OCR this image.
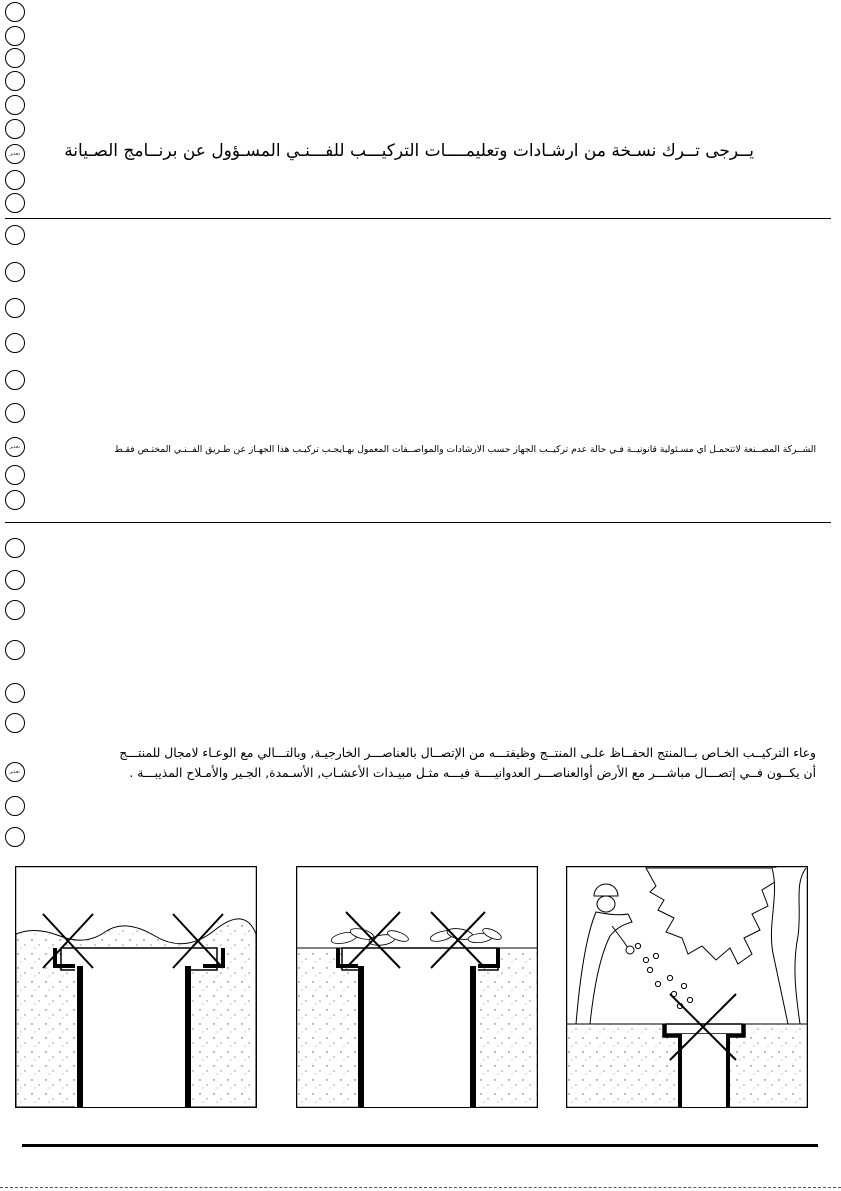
تحذير	يــرجى تــرك نسـخة من ارشـادات وتعليمــــات التركيـــب للفـــنـي المسـؤول عن برنــامج الصـيانة
تحذير	الشــركة المصــنعة لاتتحمـل اي مسـئولية قانونيــة فـي حالة عدم تركيــب الجهاز حسب الارشادات والمواصــفات المعمول بهـايجـب تركيـب هذا الجهـاز عن طـريق الفــنـي المختـص فقـط
تحذير
وعاء التركيــب الخـاص بــالمنتج الحفــاظ علـى المنتــج وظيفتـــه من الإتصــال بالعناصـــر الخارجيـة, وبالتـــالي مع الوعـاء لامجال للمنتـــج
أن يكــون فــي إتصـــال مباشـــر مع الأرض أوالعناصـــر العدوانيــــة فيـــه مثـل مبيـدات الأعشـاب, الأسـمدة, الجـير والأمـلاح المذيبـــة .
